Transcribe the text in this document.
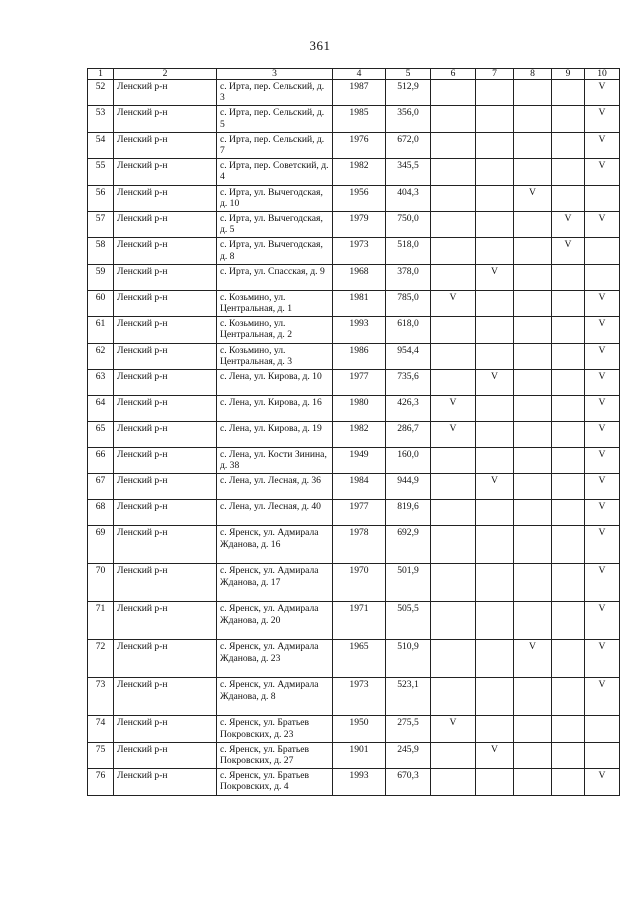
361
1	2	3	4	5	6	7	8	9	10
52	Ленский р-н	с. Ирта, пер. Сельский, д. 3	1987	512,9					V
53	Ленский р-н	с. Ирта, пер. Сельский, д. 5	1985	356,0					V
54	Ленский р-н	с. Ирта, пер. Сельский, д. 7	1976	672,0					V
55	Ленский р-н	с. Ирта, пер. Советский, д. 4	1982	345,5					V
56	Ленский р-н	с. Ирта, ул. Вычегодская, д. 10	1956	404,3			V		
57	Ленский р-н	с. Ирта, ул. Вычегодская, д. 5	1979	750,0				V	V
58	Ленский р-н	с. Ирта, ул. Вычегодская, д. 8	1973	518,0				V	
59	Ленский р-н	с. Ирта, ул. Спасская, д. 9	1968	378,0		V			
60	Ленский р-н	с. Козьмино, ул. Центральная, д. 1	1981	785,0	V				V
61	Ленский р-н	с. Козьмино, ул. Центральная, д. 2	1993	618,0					V
62	Ленский р-н	с. Козьмино, ул. Центральная, д. 3	1986	954,4					V
63	Ленский р-н	с. Лена, ул. Кирова, д. 10	1977	735,6		V			V
64	Ленский р-н	с. Лена, ул. Кирова, д. 16	1980	426,3	V				V
65	Ленский р-н	с. Лена, ул. Кирова, д. 19	1982	286,7	V				V
66	Ленский р-н	с. Лена, ул. Кости Зинина, д. 38	1949	160,0					V
67	Ленский р-н	с. Лена, ул. Лесная, д. 36	1984	944,9		V			V
68	Ленский р-н	с. Лена, ул. Лесная, д. 40	1977	819,6					V
69	Ленский р-н	с. Яренск, ул. Адмирала Жданова, д. 16	1978	692,9					V
70	Ленский р-н	с. Яренск, ул. Адмирала Жданова, д. 17	1970	501,9					V
71	Ленский р-н	с. Яренск, ул. Адмирала Жданова, д. 20	1971	505,5					V
72	Ленский р-н	с. Яренск, ул. Адмирала Жданова, д. 23	1965	510,9			V		V
73	Ленский р-н	с. Яренск, ул. Адмирала Жданова, д. 8	1973	523,1					V
74	Ленский р-н	с. Яренск, ул. Братьев Покровских, д. 23	1950	275,5	V				
75	Ленский р-н	с. Яренск, ул. Братьев Покровских, д. 27	1901	245,9		V			
76	Ленский р-н	с. Яренск, ул. Братьев Покровских, д. 4	1993	670,3					V
